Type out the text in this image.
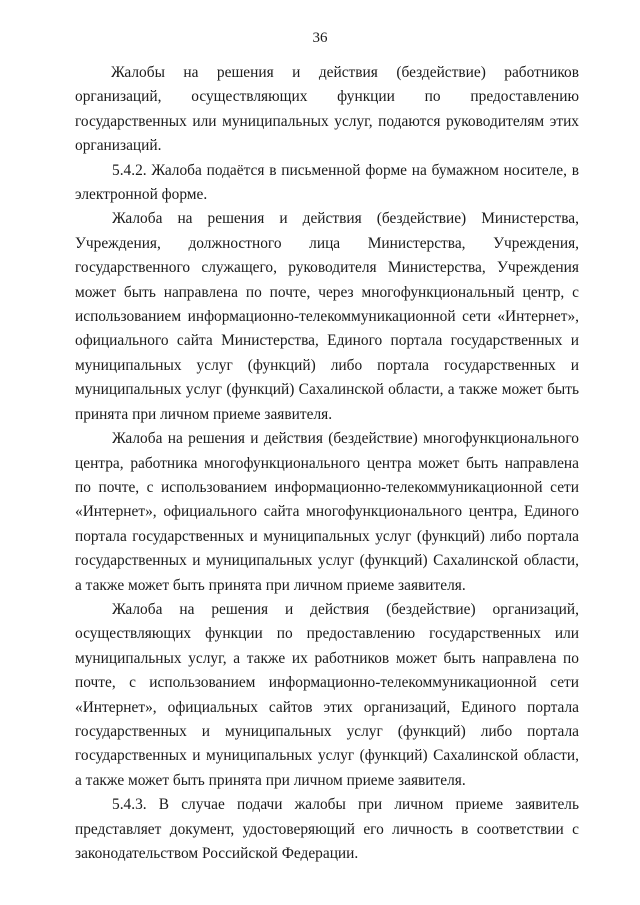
36

Жалобы на решения и действия (бездействие) работников организаций, осуществляющих функции по предоставлению государственных или муниципальных услуг, подаются руководителям этих организаций.

5.4.2. Жалоба подаётся в письменной форме на бумажном носителе, в электронной форме.

Жалоба на решения и действия (бездействие) Министерства, Учреждения, должностного лица Министерства, Учреждения, государственного служащего, руководителя Министерства, Учреждения может быть направлена по почте, через многофункциональный центр, с использованием информационно-телекоммуникационной сети «Интернет», официального сайта Министерства, Единого портала государственных и муниципальных услуг (функций) либо портала государственных и муниципальных услуг (функций) Сахалинской области, а также может быть принята при личном приеме заявителя.

Жалоба на решения и действия (бездействие) многофункционального центра, работника многофункционального центра может быть направлена по почте, с использованием информационно-телекоммуникационной сети «Интернет», официального сайта многофункционального центра, Единого портала государственных и муниципальных услуг (функций) либо портала государственных и муниципальных услуг (функций) Сахалинской области, а также может быть принята при личном приеме заявителя.

Жалоба на решения и действия (бездействие) организаций, осуществляющих функции по предоставлению государственных или муниципальных услуг, а также их работников может быть направлена по почте, с использованием информационно-телекоммуникационной сети «Интернет», официальных сайтов этих организаций, Единого портала государственных и муниципальных услуг (функций) либо портала государственных и муниципальных услуг (функций) Сахалинской области, а также может быть принята при личном приеме заявителя.

5.4.3. В случае подачи жалобы при личном приеме заявитель представляет документ, удостоверяющий его личность в соответствии с законодательством Российской Федерации.
